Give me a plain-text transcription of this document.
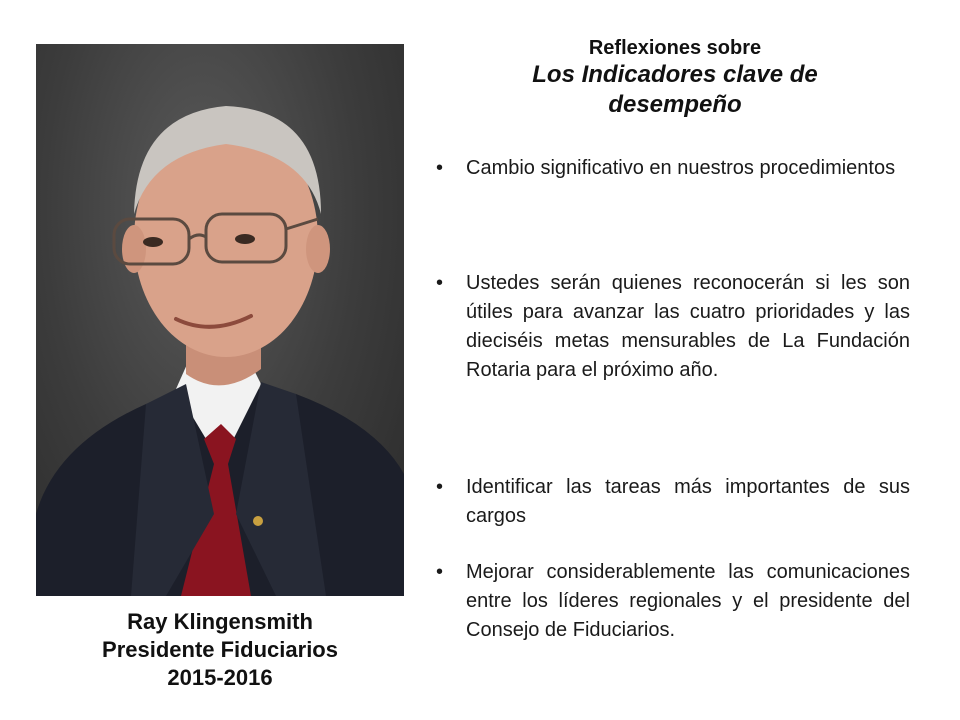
Ray Klingensmith
Presidente Fiduciarios
2015-2016
Reflexiones sobre
Los Indicadores clave de
desempeño
•	Cambio significativo en nuestros procedimientos
•	Ustedes serán quienes reconocerán si les son útiles para avanzar las cuatro prioridades y las dieciséis metas mensurables de La Fundación Rotaria para el próximo año.
•	Identificar las tareas más importantes de sus cargos
•	Mejorar considerablemente las comunicaciones entre los líderes regionales y el presidente del Consejo de Fiduciarios.
